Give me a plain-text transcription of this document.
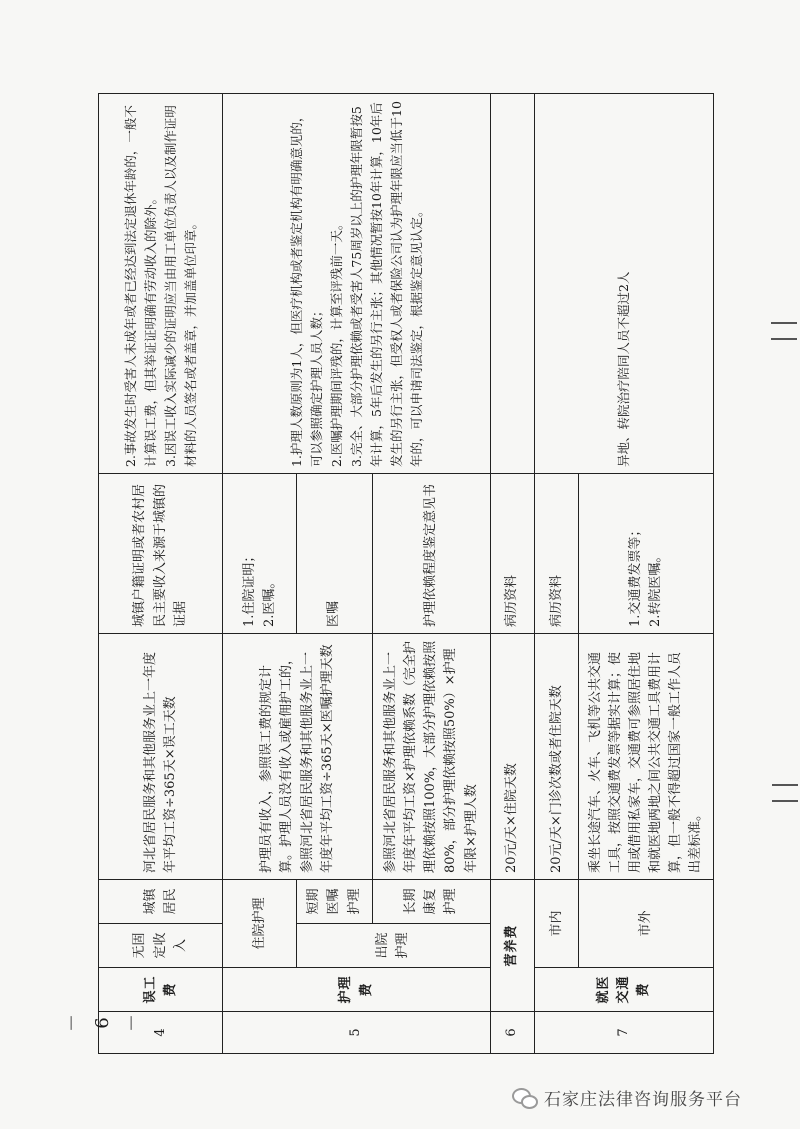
4	误工费	无固定收入	城镇居民	河北省居民服务和其他服务业上一年度年平均工资÷365天×误工天数	城镇户籍证明或者农村居民主要收入来源于城镇的证据	2.事故发生时受害人未成年或者已经达到法定退休年龄的，一般不计算误工费，但其举证证明确有劳动收入的除外。 3.因误工收入实际减少的证明应当由用工单位负责人以及制作证明材料的人员签名或者盖章，并加盖单位印章。

5	护理费	住院护理		护理员有收入，参照误工费的规定计算。护理人员没有收入或雇佣护工的，参照河北省居民服务和其他服务业上一年度年平均工资÷365天×医嘱护理天数	1.住院证明； 2.医嘱。	1.护理人数原则为1人，但医疗机构或者鉴定机构有明确意见的，可以参照确定护理人员人数； 2.医嘱护理期间评残的，计算至评残前一天。 3.完全、大部分护理依赖或者受害人75周岁以上的护理年限暂按5年计算，5年后发生的另行主张；其他情况暂按10年计算，10年后发生的另行主张，但受权人或者保险公司认为护理年限应当低于10年的，可以申请司法鉴定，根据鉴定意见认定。

		出院护理	短期医嘱护理		医嘱	
			长期康复护理	参照河北省居民服务和其他服务业上一年度年平均工资×护理依赖系数（完全护理依赖按照100%，大部分护理依赖按照80%，部分护理依赖按照50%）×护理年限×护理人数	护理依赖程度鉴定意见书	
6	营养费			20元/天×住院天数	病历资料	
7	就医交通费	市内		20元/天×门诊次数或者住院天数	病历资料	异地、转院治疗陪同人员不超过2人
		市外		乘坐长途汽车、火车、飞机等公共交通工具，按照交通费发票等据实计算；使用或借用私家车，交通费可参照居住地和就医地两地之间公共交通工具费用计算，但一般不得超过国家一般工作人员出差标准。	1.交通费发票等； 2.转院医嘱。	
－ 6 －
石家庄法律咨询服务平台
